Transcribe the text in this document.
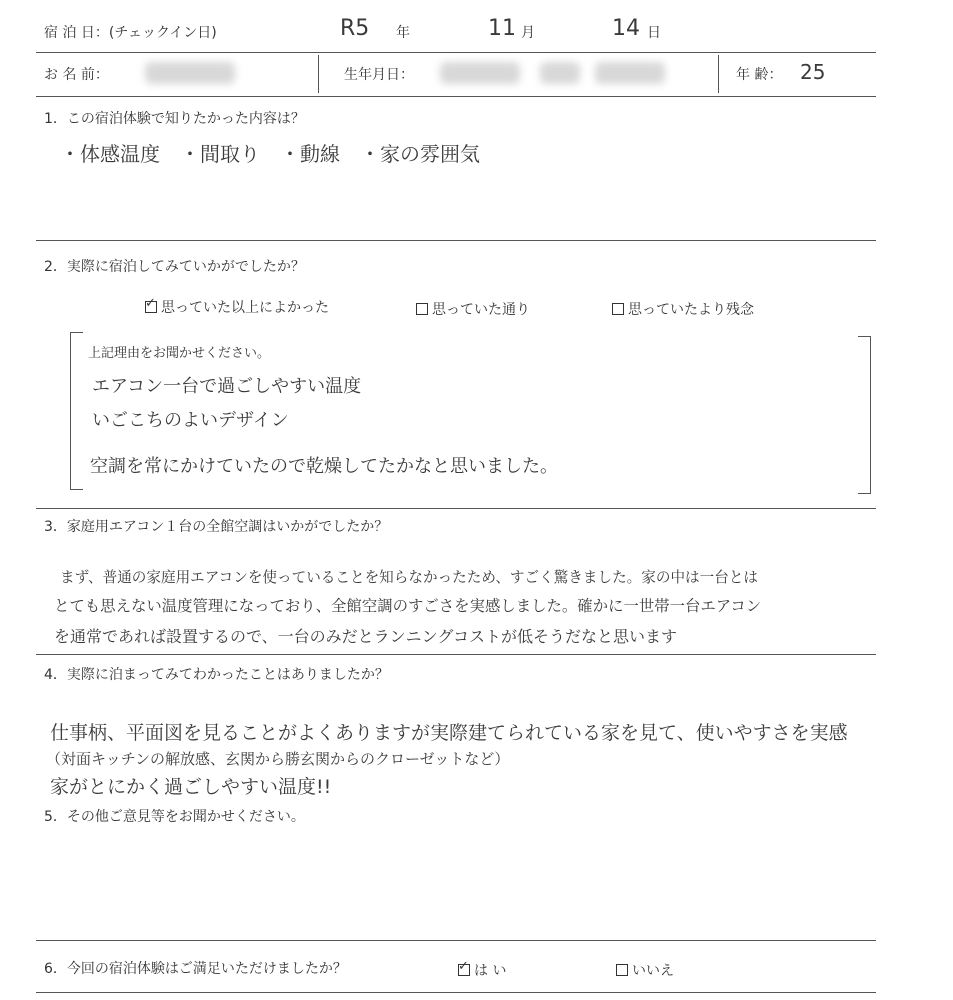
宿 泊 日：(チェックイン日)	R5 年	11 月	14 日
お 名 前：	生年月日：	年 齢： 25
1．この宿泊体験で知りたかった内容は？
・体感温度　・間取り　・動線　・家の雰囲気
2．実際に宿泊してみていかがでしたか？
✓思っていた以上によかった	思っていた通り	思っていたより残念
上記理由をお聞かせください。
エアコン一台で過ごしやすい温度
いごこちのよいデザイン
空調を常にかけていたので乾燥してたかなと思いました。
3．家庭用エアコン１台の全館空調はいかがでしたか？
まず、普通の家庭用エアコンを使っていることを知らなかったため、すごく驚きました。家の中は一台とは
とても思えない温度管理になっており、全館空調のすごさを実感しました。確かに一世帯一台エアコン
を通常であれば設置するので、一台のみだとランニングコストが低そうだなと思います
4．実際に泊まってみてわかったことはありましたか？
仕事柄、平面図を見ることがよくありますが実際建てられている家を見て、使いやすさを実感
（対面キッチンの解放感、玄関から勝玄関からのクローゼットなど）
家がとにかく過ごしやすい温度!!
5．その他ご意見等をお聞かせください。
6．今回の宿泊体験はご満足いただけましたか？
✓	は い	いいえ
